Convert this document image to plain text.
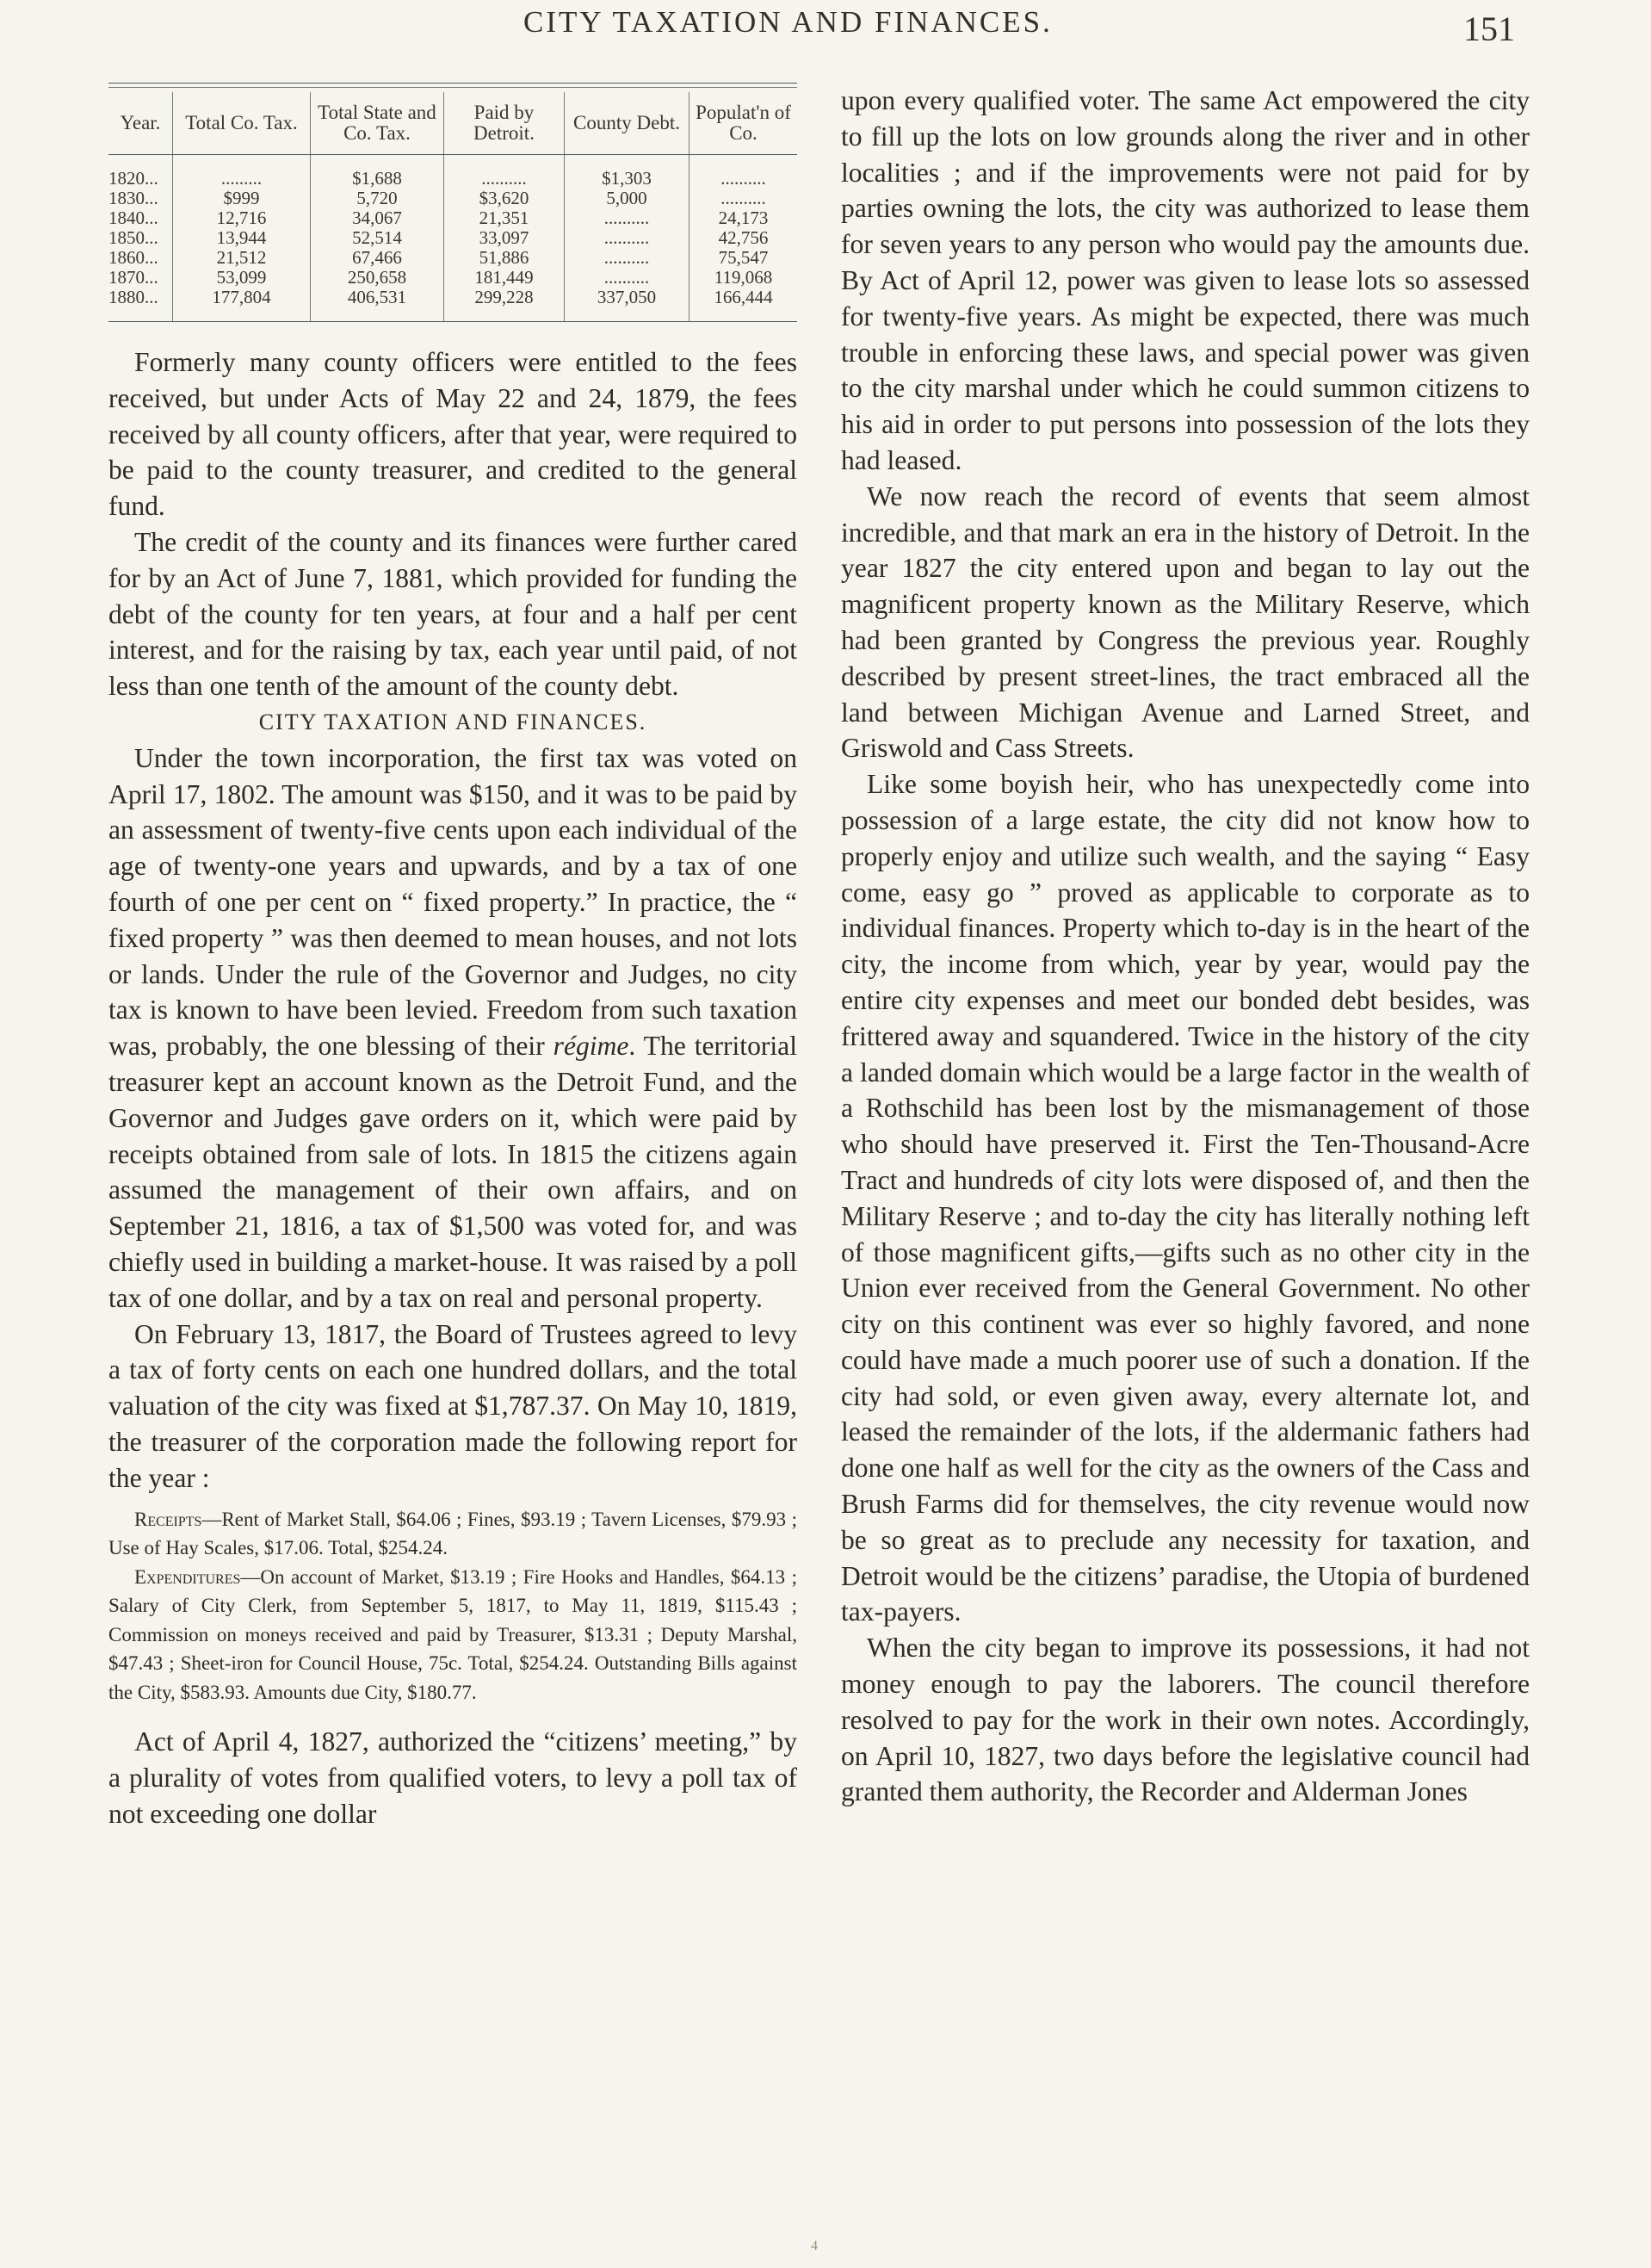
CITY TAXATION AND FINANCES.	151
Year.	Total Co. Tax.	Total State and Co. Tax.	Paid by Detroit.	County Debt.	Populat'n of Co.
1820...	.........	$1,688	..........	$1,303	..........
1830...	$999	5,720	$3,620	5,000	..........
1840...	12,716	34,067	21,351	..........	24,173
1850...	13,944	52,514	33,097	..........	42,756
1860...	21,512	67,466	51,886	..........	75,547
1870...	53,099	250,658	181,449	..........	119,068
1880...	177,804	406,531	299,228	337,050	166,444

Formerly many county officers were entitled to the fees received, but under Acts of May 22 and 24, 1879, the fees received by all county officers, after that year, were required to be paid to the county treasurer, and credited to the general fund.

The credit of the county and its finances were further cared for by an Act of June 7, 1881, which provided for funding the debt of the county for ten years, at four and a half per cent interest, and for the raising by tax, each year until paid, of not less than one tenth of the amount of the county debt.

CITY TAXATION AND FINANCES.

Under the town incorporation, the first tax was voted on April 17, 1802. The amount was $150, and it was to be paid by an assessment of twenty-five cents upon each individual of the age of twenty-one years and upwards, and by a tax of one fourth of one per cent on “ fixed property.” In practice, the “ fixed property ” was then deemed to mean houses, and not lots or lands. Under the rule of the Governor and Judges, no city tax is known to have been levied. Freedom from such taxation was, probably, the one blessing of their régime. The territorial treasurer kept an account known as the Detroit Fund, and the Governor and Judges gave orders on it, which were paid by receipts obtained from sale of lots. In 1815 the citizens again assumed the management of their own affairs, and on September 21, 1816, a tax of $1,500 was voted for, and was chiefly used in building a market-house. It was raised by a poll tax of one dollar, and by a tax on real and personal property.

On February 13, 1817, the Board of Trustees agreed to levy a tax of forty cents on each one hundred dollars, and the total valuation of the city was fixed at $1,787.37. On May 10, 1819, the treasurer of the corporation made the following report for the year :

Receipts—Rent of Market Stall, $64.06 ; Fines, $93.19 ; Tavern Licenses, $79.93 ; Use of Hay Scales, $17.06. Total, $254.24.

Expenditures—On account of Market, $13.19 ; Fire Hooks and Handles, $64.13 ; Salary of City Clerk, from September 5, 1817, to May 11, 1819, $115.43 ; Commission on moneys received and paid by Treasurer, $13.31 ; Deputy Marshal, $47.43 ; Sheet-iron for Council House, 75c. Total, $254.24. Outstanding Bills against the City, $583.93. Amounts due City, $180.77.

Act of April 4, 1827, authorized the “citizens’ meeting,” by a plurality of votes from qualified voters, to levy a poll tax of not exceeding one dollar

upon every qualified voter. The same Act empowered the city to fill up the lots on low grounds along the river and in other localities ; and if the improvements were not paid for by parties owning the lots, the city was authorized to lease them for seven years to any person who would pay the amounts due. By Act of April 12, power was given to lease lots so assessed for twenty-five years. As might be expected, there was much trouble in enforcing these laws, and special power was given to the city marshal under which he could summon citizens to his aid in order to put persons into possession of the lots they had leased.

We now reach the record of events that seem almost incredible, and that mark an era in the history of Detroit. In the year 1827 the city entered upon and began to lay out the magnificent property known as the Military Reserve, which had been granted by Congress the previous year. Roughly described by present street-lines, the tract embraced all the land between Michigan Avenue and Larned Street, and Griswold and Cass Streets.

Like some boyish heir, who has unexpectedly come into possession of a large estate, the city did not know how to properly enjoy and utilize such wealth, and the saying “ Easy come, easy go ” proved as applicable to corporate as to individual finances. Property which to-day is in the heart of the city, the income from which, year by year, would pay the entire city expenses and meet our bonded debt besides, was frittered away and squandered. Twice in the history of the city a landed domain which would be a large factor in the wealth of a Rothschild has been lost by the mismanagement of those who should have preserved it. First the Ten-Thousand-Acre Tract and hundreds of city lots were disposed of, and then the Military Reserve ; and to-day the city has literally nothing left of those magnificent gifts,—gifts such as no other city in the Union ever received from the General Government. No other city on this continent was ever so highly favored, and none could have made a much poorer use of such a donation. If the city had sold, or even given away, every alternate lot, and leased the remainder of the lots, if the aldermanic fathers had done one half as well for the city as the owners of the Cass and Brush Farms did for themselves, the city revenue would now be so great as to preclude any necessity for taxation, and Detroit would be the citizens’ paradise, the Utopia of burdened tax-payers.

When the city began to improve its possessions, it had not money enough to pay the laborers. The council therefore resolved to pay for the work in their own notes. Accordingly, on April 10, 1827, two days before the legislative council had granted them authority, the Recorder and Alderman Jones

4
